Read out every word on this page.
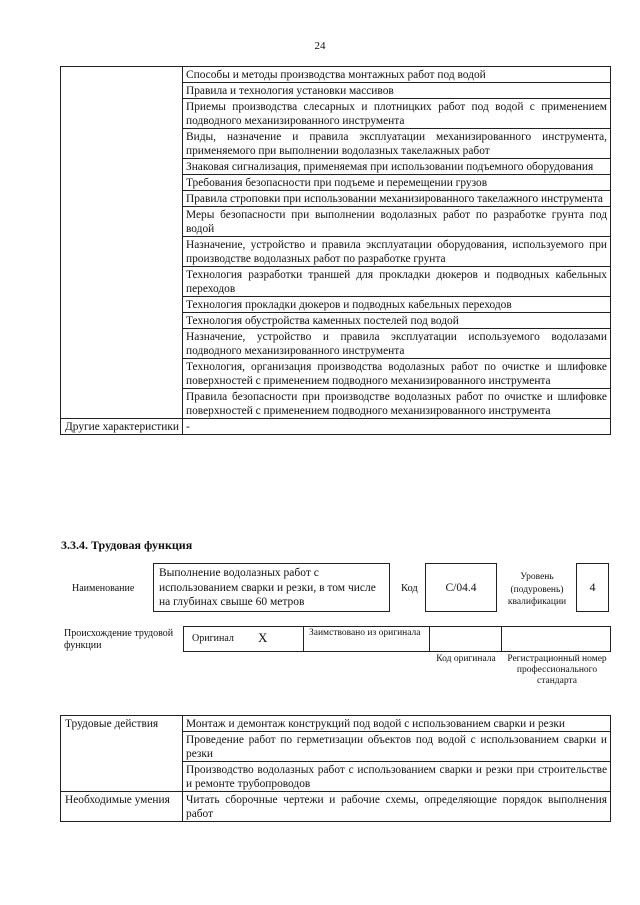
24
	Способы и методы производства монтажных работ под водой
	Правила и технология установки массивов
	Приемы производства слесарных и плотницких работ под водой с применением подводного механизированного инструмента
	Виды, назначение и правила эксплуатации механизированного инструмента, применяемого при выполнении водолазных такелажных работ
	Знаковая сигнализация, применяемая при использовании подъемного оборудования
	Требования безопасности при подъеме и перемещении грузов
	Правила строповки при использовании механизированного такелажного инструмента
	Меры безопасности при выполнении водолазных работ по разработке грунта под водой
	Назначение, устройство и правила эксплуатации оборудования, используемого при производстве водолазных работ по разработке грунта
	Технология разработки траншей для прокладки дюкеров и подводных кабельных переходов
	Технология прокладки дюкеров и подводных кабельных переходов
	Технология обустройства каменных постелей под водой
	Назначение, устройство и правила эксплуатации используемого водолазами подводного механизированного инструмента
	Технология, организация производства водолазных работ по очистке и шлифовке поверхностей с применением подводного механизированного инструмента
	Правила безопасности при производстве водолазных работ по очистке и шлифовке поверхностей с применением подводного механизированного инструмента
Другие характеристики	-
3.3.4. Трудовая функция
Наименование
Выполнение водолазных работ с использованием сварки и резки, в том числе на глубинах свыше 60 метров
Код	C/04.4
Уровень (подуровень) квалификации
4
Происхождение трудовой функции
Оригинал X	Заимствовано из оригинала
Код оригинала	Регистрационный номер профессионального стандарта
Трудовые действия	Монтаж и демонтаж конструкций под водой с использованием сварки и резки
	Проведение работ по герметизации объектов под водой с использованием сварки и резки
	Производство водолазных работ с использованием сварки и резки при строительстве и ремонте трубопроводов
Необходимые умения	Читать сборочные чертежи и рабочие схемы, определяющие порядок выполнения работ
